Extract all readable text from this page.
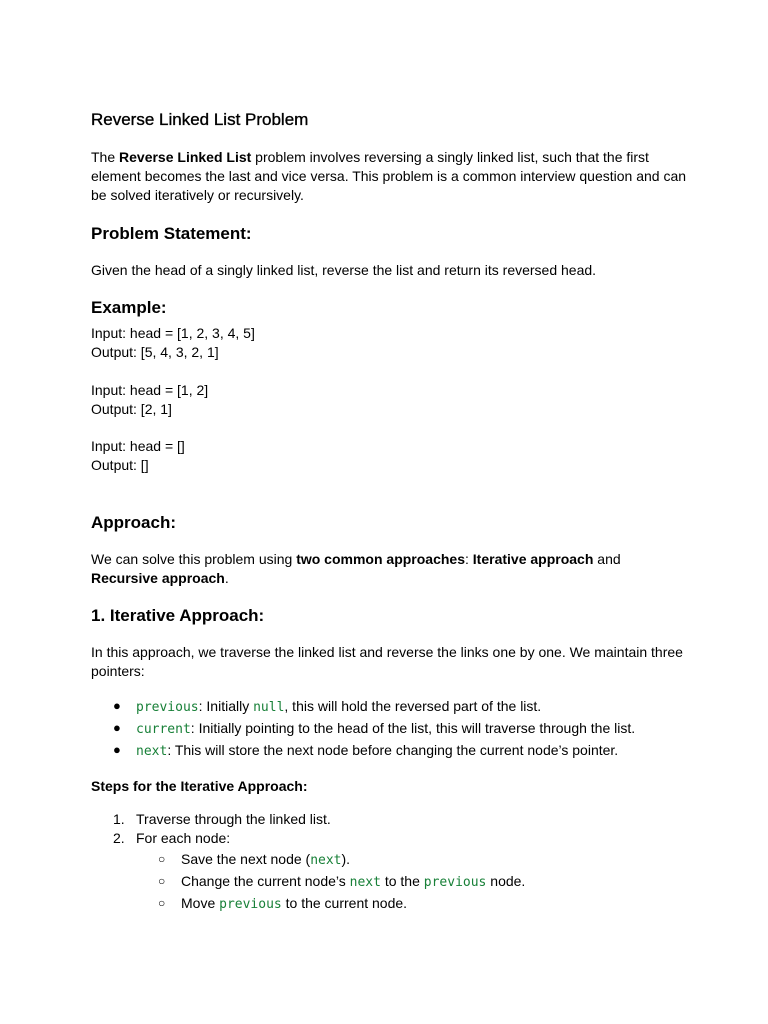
Reverse Linked List Problem

The Reverse Linked List problem involves reversing a singly linked list, such that the first element becomes the last and vice versa. This problem is a common interview question and can be solved iteratively or recursively.

Problem Statement:

Given the head of a singly linked list, reverse the list and return its reversed head.

Example:
Input: head = [1, 2, 3, 4, 5]
Output: [5, 4, 3, 2, 1]
Input: head = [1, 2]
Output: [2, 1]
Input: head = []
Output: []
Approach:

We can solve this problem using two common approaches: Iterative approach and
Recursive approach.

1. Iterative Approach:

In this approach, we traverse the linked list and reverse the links one by one. We maintain three pointers:

● previous: Initially null, this will hold the reversed part of the list.
● current: Initially pointing to the head of the list, this will traverse through the list.
● next: This will store the next node before changing the current node’s pointer.
Steps for the Iterative Approach:
1. Traverse through the linked list.
2. For each node:
○ Save the next node (next).
○ Change the current node’s next to the previous node.
○ Move previous to the current node.
